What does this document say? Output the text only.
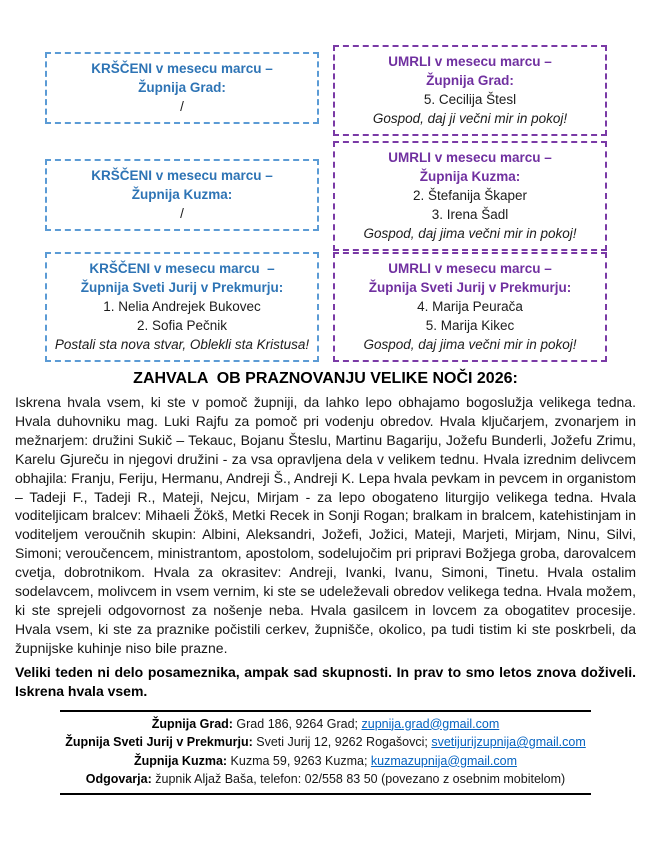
KRŠČENI v mesecu marcu –
Župnija Grad:
/
UMRLI v mesecu marcu –
Župnija Grad:
5. Cecilija Štesl
Gospod, daj ji večni mir in pokoj!
KRŠČENI v mesecu marcu –
Župnija Kuzma:
/
UMRLI v mesecu marcu –
Župnija Kuzma:
2. Štefanija Škaper
3. Irena Šadl
Gospod, daj jima večni mir in pokoj!
KRŠČENI v mesecu marcu  –
Župnija Sveti Jurij v Prekmurju:
1. Nelia Andrejek Bukovec
2. Sofia Pečnik
Postali sta nova stvar, Oblekli sta Kristusa!
UMRLI v mesecu marcu –
Župnija Sveti Jurij v Prekmurju:
4. Marija Peurača
5. Marija Kikec
Gospod, daj jima večni mir in pokoj!
ZAHVALA  OB PRAZNOVANJU VELIKE NOČI 2026:

Iskrena hvala vsem, ki ste v pomoč župniji, da lahko lepo obhajamo bogoslužja velikega tedna. Hvala duhovniku mag. Luki Rajfu za pomoč pri vodenju obredov. Hvala ključarjem, zvonarjem in mežnarjem: družini Sukič – Tekauc, Bojanu Šteslu, Martinu Bagariju, Jožefu Bunderli, Jožefu Zrimu, Karelu Gjureču in njegovi družini - za vsa opravljena dela v velikem tednu. Hvala izrednim delivcem obhajila: Franju, Feriju, Hermanu, Andreji Š., Andreji K. Lepa hvala pevkam in pevcem in organistom – Tadeji F., Tadeji R., Mateji, Nejcu, Mirjam - za lepo obogateno liturgijo velikega tedna. Hvala voditeljicam bralcev: Mihaeli Žökš, Metki Recek in Sonji Rogan; bralkam in bralcem, katehistinjam in voditeljem veroučnih skupin: Albini, Aleksandri, Jožefi, Jožici, Mateji, Marjeti, Mirjam, Ninu, Silvi, Simoni; veroučencem, ministrantom, apostolom, sodelujočim pri pripravi Božjega groba, darovalcem cvetja, dobrotnikom. Hvala za okrasitev: Andreji, Ivanki, Ivanu, Simoni, Tinetu. Hvala ostalim sodelavcem, molivcem in vsem vernim, ki ste se udeleževali obredov velikega tedna. Hvala možem, ki ste sprejeli odgovornost za nošenje neba. Hvala gasilcem in lovcem za obogatitev procesije. Hvala vsem, ki ste za praznike počistili cerkev, župnišče, okolico, pa tudi tistim ki ste poskrbeli, da župnijske kuhinje niso bile prazne.

Veliki teden ni delo posameznika, ampak sad skupnosti. In prav to smo letos znova doživeli. Iskrena hvala vsem.

Župnija Grad: Grad 186, 9264 Grad; zupnija.grad@gmail.com
Župnija Sveti Jurij v Prekmurju: Sveti Jurij 12, 9262 Rogašovci; svetijurijzupnija@gmail.com
Župnija Kuzma: Kuzma 59, 9263 Kuzma; kuzmazupnija@gmail.com
Odgovarja: župnik Aljaž Baša, telefon: 02/558 83 50 (povezano z osebnim mobitelom)
